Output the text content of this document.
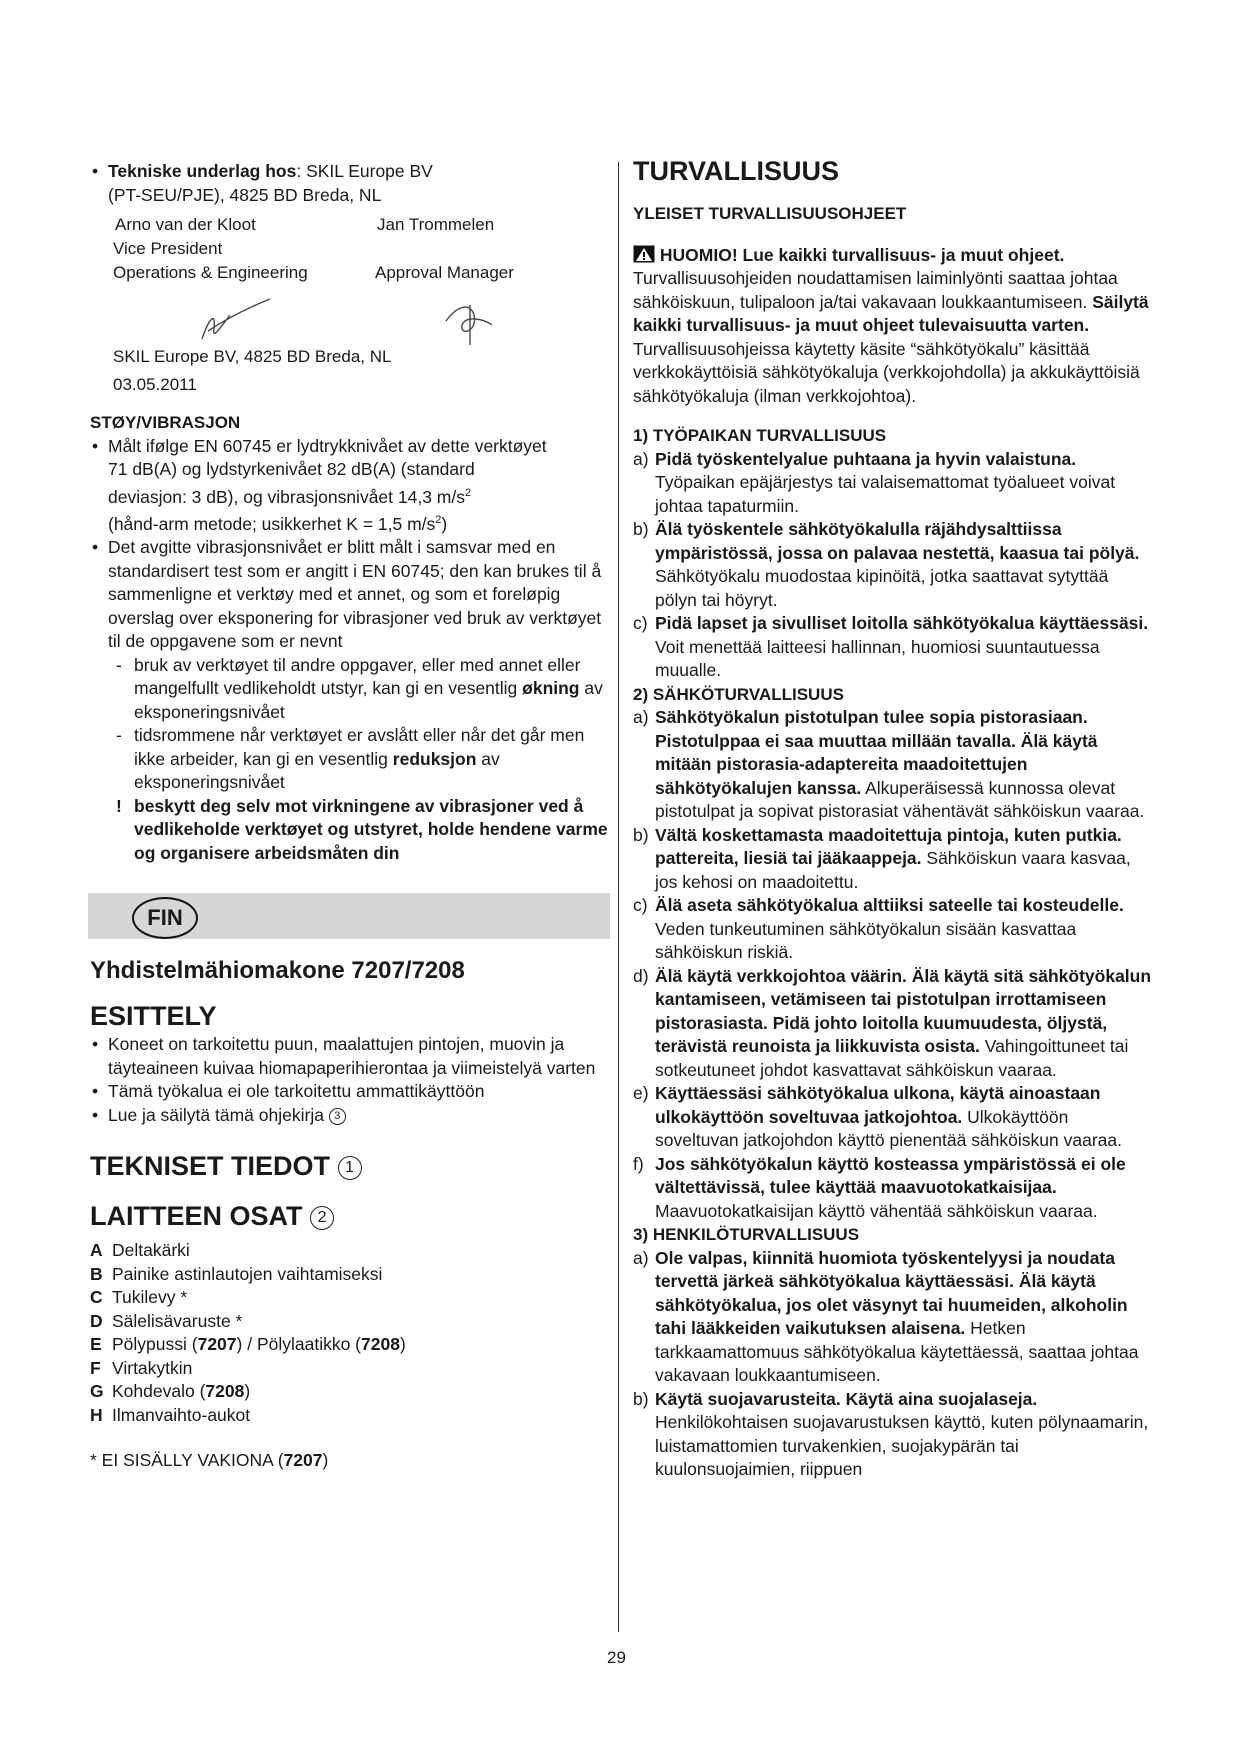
• Tekniske underlag hos: SKIL Europe BV
(PT-SEU/PJE), 4825 BD Breda, NL
Arno van der Kloot	Jan Trommelen
Vice President
Operations & Engineering	Approval Manager
SKIL Europe BV, 4825 BD Breda, NL
03.05.2011
STØY/VIBRASJON
• Målt ifølge EN 60745 er lydtrykknivået av dette verktøyet
71 dB(A) og lydstyrkenivået 82 dB(A) (standard
deviasjon: 3 dB), og vibrasjonsnivået 14,3 $m/s^2$
(hånd-arm metode; usikkerhet K = 1,5 $m/s^2$)
• Det avgitte vibrasjonsnivået er blitt målt i samsvar med en standardisert test som er angitt i EN 60745; den kan brukes til å sammenligne et verktøy med et annet, og som et foreløpig overslag over eksponering for vibrasjoner ved bruk av verktøyet til de oppgavene som er nevnt
- bruk av verktøyet til andre oppgaver, eller med annet eller mangelfullt vedlikeholdt utstyr, kan gi en vesentlig økning av eksponeringsnivået
- tidsrommene når verktøyet er avslått eller når det går men ikke arbeider, kan gi en vesentlig reduksjon av eksponeringsnivået
! beskytt deg selv mot virkningene av vibrasjoner ved å vedlikeholde verktøyet og utstyret, holde hendene varme og organisere arbeidsmåten din
FIN
Yhdistelmähiomakone 7207/7208
ESITTELY
• Koneet on tarkoitettu puun, maalattujen pintojen, muovin ja täyteaineen kuivaa hiomapaperihierontaa ja viimeistelyä varten
• Tämä työkalua ei ole tarkoitettu ammattikäyttöön
• Lue ja säilytä tämä ohjekirja 3
TEKNISET TIEDOT 1
LAITTEEN OSAT 2
A Deltakärki
B Painike astinlautojen vaihtamiseksi
C Tukilevy *
D Sälelisävaruste *
E Pölypussi (7207) / Pölylaatikko (7208)
F Virtakytkin
G Kohdevalo (7208)
H Ilmanvaihto-aukot
* EI SISÄLLY VAKIONA (7207)
TURVALLISUUS
YLEISET TURVALLISUUSOHJEET
HUOMIO! Lue kaikki turvallisuus- ja muut ohjeet. Turvallisuusohjeiden noudattamisen laiminlyönti saattaa johtaa sähköiskuun, tulipaloon ja/tai vakavaan loukkaantumiseen. Säilytä kaikki turvallisuus- ja muut ohjeet tulevaisuutta varten. Turvallisuusohjeissa käytetty käsite “sähkötyökalu” käsittää verkkokäyttöisiä sähkötyökaluja (verkkojohdolla) ja akkukäyttöisiä sähkötyökaluja (ilman verkkojohtoa).
1) TYÖPAIKAN TURVALLISUUS
a) Pidä työskentelyalue puhtaana ja hyvin valaistuna. Työpaikan epäjärjestys tai valaisemattomat työalueet voivat johtaa tapaturmiin.
b) Älä työskentele sähkötyökalulla räjähdysalttiissa ympäristössä, jossa on palavaa nestettä, kaasua tai pölyä. Sähkötyökalu muodostaa kipinöitä, jotka saattavat sytyttää pölyn tai höyryt.
c) Pidä lapset ja sivulliset loitolla sähkötyökalua käyttäessäsi. Voit menettää laitteesi hallinnan, huomiosi suuntautuessa muualle.
2) SÄHKÖTURVALLISUUS
a) Sähkötyökalun pistotulpan tulee sopia pistorasiaan. Pistotulppaa ei saa muuttaa millään tavalla. Älä käytä mitään pistorasia-adaptereita maadoitettujen sähkötyökalujen kanssa. Alkuperäisessä kunnossa olevat pistotulpat ja sopivat pistorasiat vähentävät sähköiskun vaaraa.
b) Vältä koskettamasta maadoitettuja pintoja, kuten putkia. pattereita, liesiä tai jääkaappeja. Sähköiskun vaara kasvaa, jos kehosi on maadoitettu.
c) Älä aseta sähkötyökalua alttiiksi sateelle tai kosteudelle. Veden tunkeutuminen sähkötyökalun sisään kasvattaa sähköiskun riskiä.
d) Älä käytä verkkojohtoa väärin. Älä käytä sitä sähkötyökalun kantamiseen, vetämiseen tai pistotulpan irrottamiseen pistorasiasta. Pidä johto loitolla kuumuudesta, öljystä, terävistä reunoista ja liikkuvista osista. Vahingoittuneet tai sotkeutuneet johdot kasvattavat sähköiskun vaaraa.
e) Käyttäessäsi sähkötyökalua ulkona, käytä ainoastaan ulkokäyttöön soveltuvaa jatkojohtoa. Ulkokäyttöön soveltuvan jatkojohdon käyttö pienentää sähköiskun vaaraa.
f) Jos sähkötyökalun käyttö kosteassa ympäristössä ei ole vältettävissä, tulee käyttää maavuotokatkaisijaa. Maavuotokatkaisijan käyttö vähentää sähköiskun vaaraa.
3) HENKILÖTURVALLISUUS
a) Ole valpas, kiinnitä huomiota työskentelyysi ja noudata tervettä järkeä sähkötyökalua käyttäessäsi. Älä käytä sähkötyökalua, jos olet väsynyt tai huumeiden, alkoholin tahi lääkkeiden vaikutuksen alaisena. Hetken tarkkaamattomuus sähkötyökalua käytettäessä, saattaa johtaa vakavaan loukkaantumiseen.
b) Käytä suojavarusteita. Käytä aina suojalaseja. Henkilökohtaisen suojavarustuksen käyttö, kuten pölynaamarin, luistamattomien turvakenkien, suojakypärän tai kuulonsuojaimien, riippuen
29
